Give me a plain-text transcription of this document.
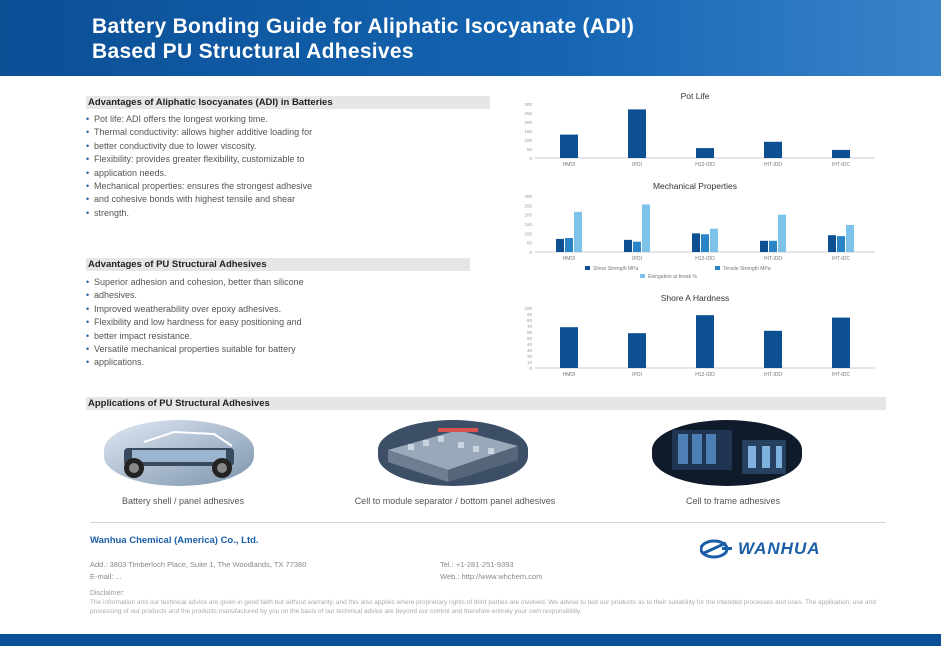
Battery Bonding Guide for Aliphatic Isocyanate (ADI)
Based PU Structural Adhesives
Advantages of Aliphatic Isocyanates (ADI) in Batteries
• Pot life: ADI offers the longest working time.
• Thermal conductivity: allows higher additive loading for
• better conductivity due to lower viscosity.
• Flexibility: provides greater flexibility, customizable to
• application needs.
• Mechanical properties: ensures the strongest adhesive
• and cohesive bonds with highest tensile and shear
• strength.
Advantages of PU Structural Adhesives
• Superior adhesion and cohesion, better than silicone
• adhesives.
• Improved weatherability over epoxy adhesives.
• Flexibility and low hardness for easy positioning and
• better impact resistance.
• Versatile mechanical properties suitable for battery
• applications.
Pot Life
300
250
200
150
100
50
0
HMDI	IPDI	H12-IDD	IHT-IDD	IHT-IDC
Mechanical Properties
300
250
200
150
100
50
0
HMDI	IPDI	H12-IDD	IHT-IDD	IHT-IDC
Shear Strength MPa	Tensile Strength MPa
Elongation at break %
Shore A Hardness
100
90
80
70
60
50
40
30
20
10
0
HMDI	IPDI	H12-IDD	IHT-IDD	IHT-IDC
Applications of PU Structural Adhesives
Battery shell / panel adhesives	Cell to module separator / bottom panel adhesives	Cell to frame adhesives
Wanhua Chemical (America) Co., Ltd.
Add.: 3803 Timberloch Place, Suite 1, The Woodlands, TX 77380
E-mail: ...
Tel.: +1-281-251-9393
Web.: http://www.whchem.com
WANHUA
Disclaimer:
The information and our technical advice are given in good faith but without warranty, and this also applies where proprietary rights of third parties are involved. We advise to test our products as to their suitability for the intended processes and uses. The application, use and processing of our products and the products manufactured by you on the basis of our technical advice are beyond our control and therefore entirely your own responsibility.
